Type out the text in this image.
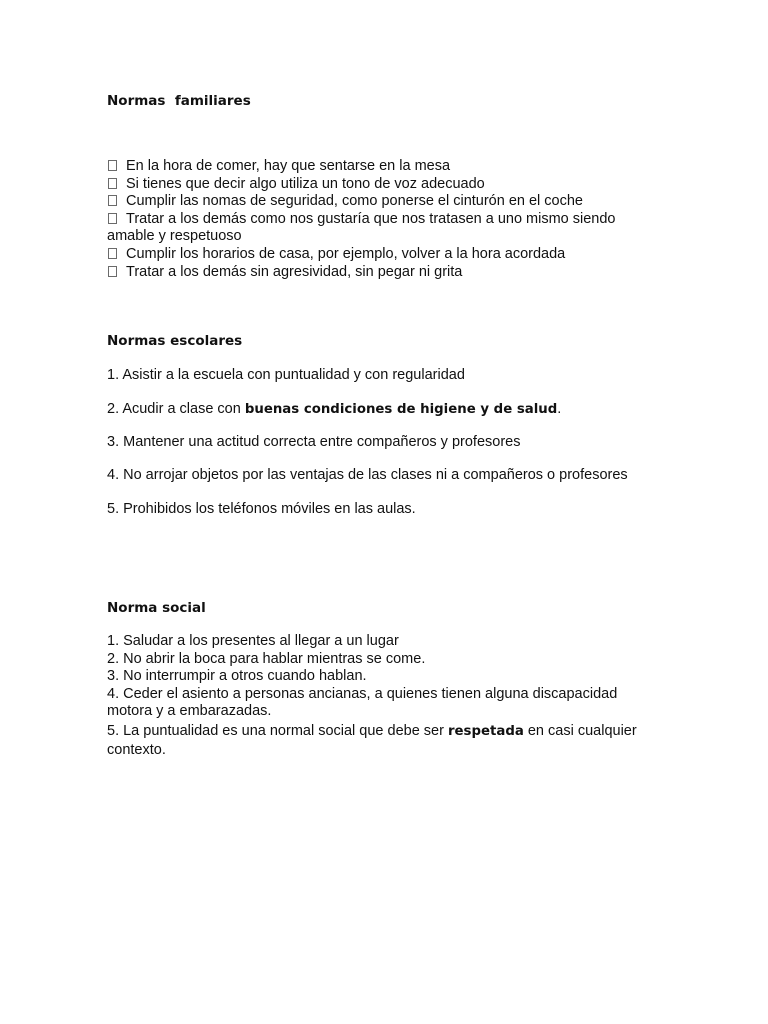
Normas  familiares
En la hora de comer, hay que sentarse en la mesa
Si tienes que decir algo utiliza un tono de voz adecuado
Cumplir las nomas de seguridad, como ponerse el cinturón en el coche
Tratar a los demás como nos gustaría que nos tratasen a uno mismo siendo
amable y respetuoso
Cumplir los horarios de casa, por ejemplo, volver a la hora acordada
Tratar a los demás sin agresividad, sin pegar ni grita
Normas escolares
1. Asistir a la escuela con puntualidad y con regularidad
2. Acudir a clase con buenas condiciones de higiene y de salud.
3. Mantener una actitud correcta entre compañeros y profesores
4. No arrojar objetos por las ventajas de las clases ni a compañeros o profesores
5. Prohibidos los teléfonos móviles en las aulas.
Norma social
1. Saludar a los presentes al llegar a un lugar
2. No abrir la boca para hablar mientras se come.
3. No interrumpir a otros cuando hablan.
4. Ceder el asiento a personas ancianas, a quienes tienen alguna discapacidad
motora y a embarazadas.
5. La puntualidad es una normal social que debe ser respetada en casi cualquier
contexto.
